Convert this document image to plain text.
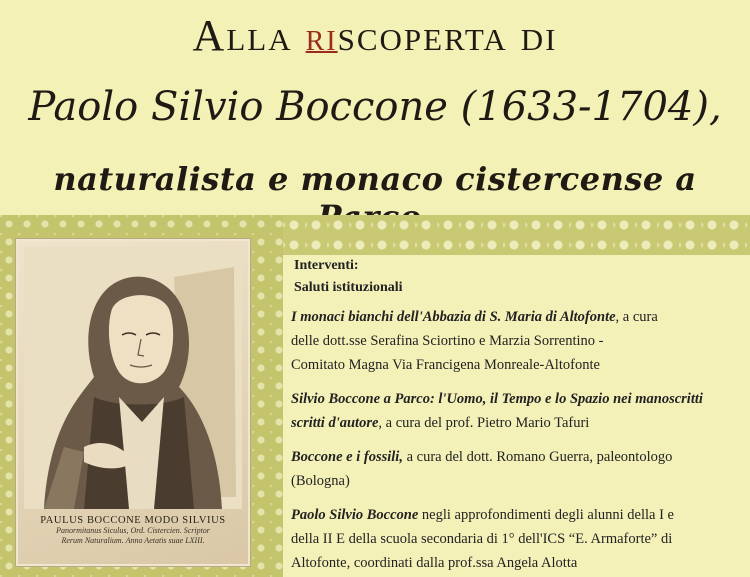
Alla riscoperta di
Paolo Silvio Boccone (1633-1704),
naturalista e monaco cistercense a
PAULUS BOCCONE MODO SILVIUS
Panormitanus Siculus, Ord. Cistercien. Scriptor
Rerum Naturalium. Anno Aetatis suae LXIII.
Interventi:
Saluti istituzionali
I monaci bianchi dell'Abbazia di S. Maria di Altofonte, a cura
delle dott.sse Serafina Sciortino e Marzia Sorrentino -
Comitato Magna Via Francigena Monreale-Altofonte
Silvio Boccone a Parco: l'Uomo, il Tempo e lo Spazio nei manoscritti
scritti d'autore, a cura del prof. Pietro Mario Tafuri
Boccone e i fossili, a cura del dott. Romano Guerra, paleontologo
(Bologna)
Paolo Silvio Boccone negli approfondimenti degli alunni della I e
della II E della scuola secondaria di 1° dell'ICS “E. Armaforte” di
Altofonte, coordinati dalla prof.ssa Angela Alotta
